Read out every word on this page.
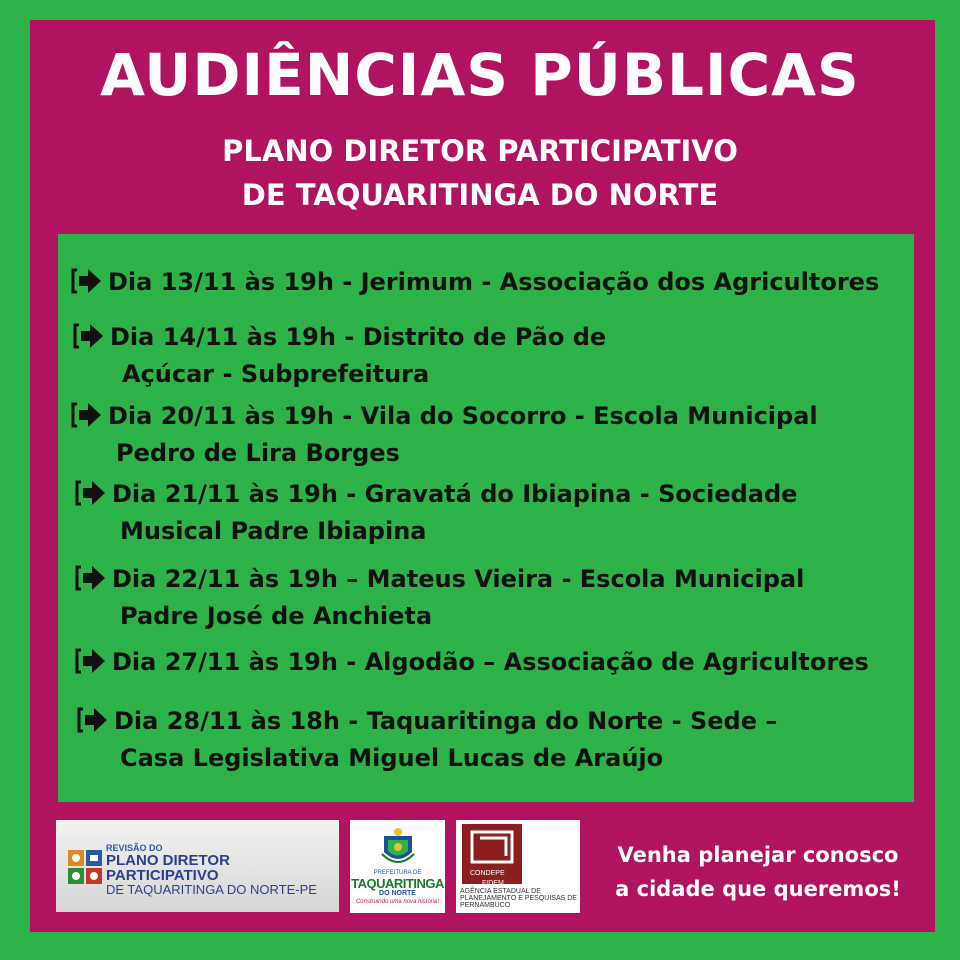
AUDIÊNCIAS PÚBLICAS
PLANO DIRETOR PARTICIPATIVO
DE TAQUARITINGA DO NORTE
Dia 13/11 às 19h - Jerimum - Associação dos Agricultores
Dia 14/11 às 19h - Distrito de Pão de
Açúcar - Subprefeitura
Dia 20/11 às 19h - Vila do Socorro - Escola Municipal
Pedro de Lira Borges
Dia 21/11 às 19h - Gravatá do Ibiapina - Sociedade
Musical Padre Ibiapina
Dia 22/11 às 19h – Mateus Vieira - Escola Municipal
Padre José de Anchieta
Dia 27/11 às 19h - Algodão – Associação de Agricultores
Dia 28/11 às 18h - Taquaritinga do Norte - Sede –
Casa Legislativa Miguel Lucas de Araújo
REVISÃO DO
PLANO DIRETOR PARTICIPATIVO
DE TAQUARITINGA DO NORTE-PE
PREFEITURA DE
TAQUARITINGA
DO NORTE
Construindo uma nova história!
CONDEPE
FIDEM
AGÊNCIA ESTADUAL DE PLANEJAMENTO E PESQUISAS DE PERNAMBUCO
Venha planejar conosco
a cidade que queremos!
